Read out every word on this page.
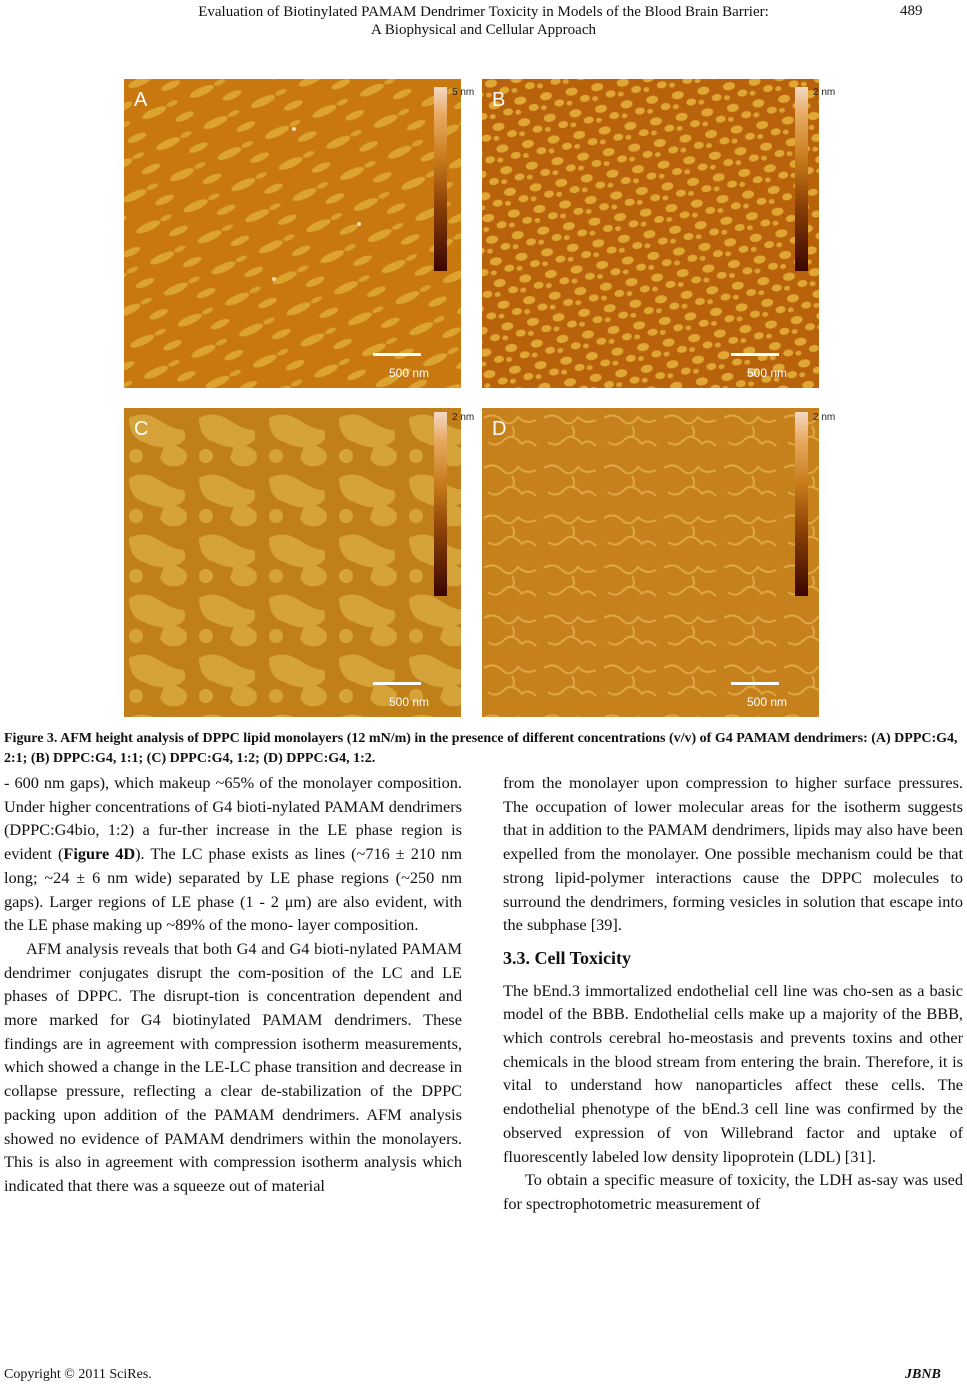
Evaluation of Biotinylated PAMAM Dendrimer Toxicity in Models of the Blood Brain Barrier:
A Biophysical and Cellular Approach
489
A
500 nm
B
500 nm
C
500 nm
D
500 nm
5 nm	2 nm
2 nm	2 nm
Figure 3. AFM height analysis of DPPC lipid monolayers (12 mN/m) in the presence of different concentrations (v/v) of G4 PAMAM dendrimers: (A) DPPC:G4, 2:1; (B) DPPC:G4, 1:1; (C) DPPC:G4, 1:2; (D) DPPC:G4, 1:2.

- 600 nm gaps), which makeup ~65% of the monolayer composition. Under higher concentrations of G4 bioti-nylated PAMAM dendrimers (DPPC:G4bio, 1:2) a fur-ther increase in the LE phase region is evident (Figure 4D). The LC phase exists as lines (~716 ± 210 nm long; ~24 ± 6 nm wide) separated by LE phase regions (~250 nm gaps). Larger regions of LE phase (1 - 2 μm) are also evident, with the LE phase making up ~89% of the mono- layer composition.

AFM analysis reveals that both G4 and G4 bioti-nylated PAMAM dendrimer conjugates disrupt the com-position of the LC and LE phases of DPPC. The disrupt-tion is concentration dependent and more marked for G4 biotinylated PAMAM dendrimers. These findings are in agreement with compression isotherm measurements, which showed a change in the LE-LC phase transition and decrease in collapse pressure, reflecting a clear de-stabilization of the DPPC packing upon addition of the PAMAM dendrimers. AFM analysis showed no evidence of PAMAM dendrimers within the monolayers. This is also in agreement with compression isotherm analysis which indicated that there was a squeeze out of material

from the monolayer upon compression to higher surface pressures. The occupation of lower molecular areas for the isotherm suggests that in addition to the PAMAM dendrimers, lipids may also have been expelled from the monolayer. One possible mechanism could be that strong lipid-polymer interactions cause the DPPC molecules to surround the dendrimers, forming vesicles in solution that escape into the subphase [39].

3.3. Cell Toxicity

The bEnd.3 immortalized endothelial cell line was cho-sen as a basic model of the BBB. Endothelial cells make up a majority of the BBB, which controls cerebral ho-meostasis and prevents toxins and other chemicals in the blood stream from entering the brain. Therefore, it is vital to understand how nanoparticles affect these cells. The endothelial phenotype of the bEnd.3 cell line was confirmed by the observed expression of von Willebrand factor and uptake of fluorescently labeled low density lipoprotein (LDL) [31].

To obtain a specific measure of toxicity, the LDH as-say was used for spectrophotometric measurement of

Copyright © 2011 SciRes.	JBNB
